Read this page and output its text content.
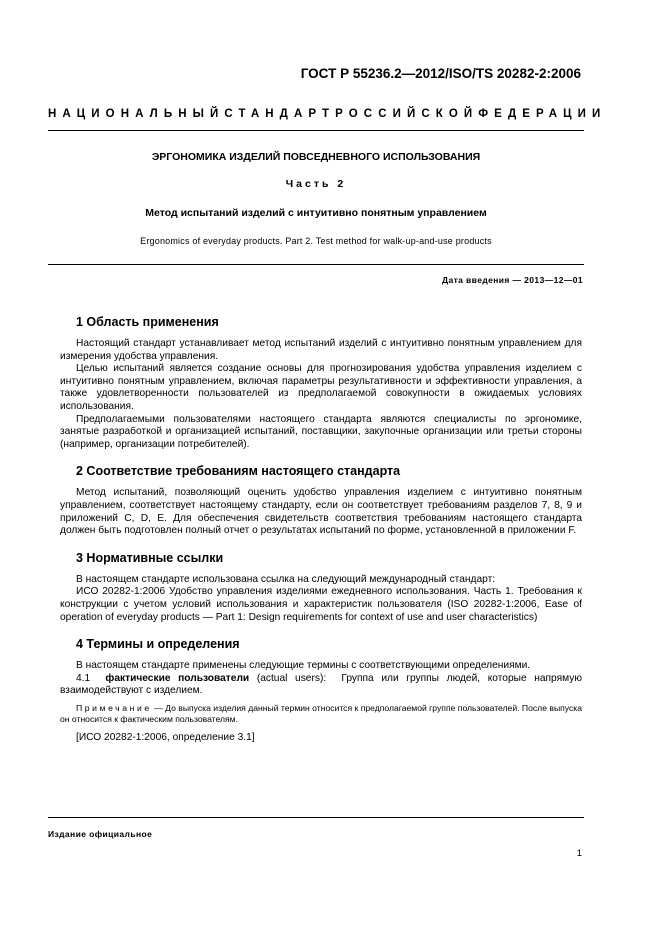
ГОСТ Р 55236.2—2012/ISO/TS 20282-2:2006
НАЦИОНАЛЬНЫЙ СТАНДАРТ РОССИЙСКОЙ ФЕДЕРАЦИИ
ЭРГОНОМИКА ИЗДЕЛИЙ ПОВСЕДНЕВНОГО ИСПОЛЬЗОВАНИЯ
Часть 2
Метод испытаний изделий с интуитивно понятным управлением
Ergonomics of everyday products. Part 2. Test method for walk-up-and-use products
Дата введения — 2013—12—01
1 Область применения

Настоящий стандарт устанавливает метод испытаний изделий с интуитивно понятным управлением для измерения удобства управления.

Целью испытаний является создание основы для прогнозирования удобства управления изделием с интуитивно понятным управлением, включая параметры результативности и эффективности управления, а также удовлетворенности пользователей из предполагаемой совокупности в ожидаемых условиях использования.

Предполагаемыми пользователями настоящего стандарта являются специалисты по эргономике, занятые разработкой и организацией испытаний, поставщики, закупочные организации или третьи стороны (например, организации потребителей).

2 Соответствие требованиям настоящего стандарта

Метод испытаний, позволяющий оценить удобство управления изделием с интуитивно понятным управлением, соответствует настоящему стандарту, если он соответствует требованиям разделов 7, 8, 9 и приложений C, D, E. Для обеспечения свидетельств соответствия требованиям настоящего стандарта должен быть подготовлен полный отчет о результатах испытаний по форме, установленной в приложении F.

3 Нормативные ссылки

В настоящем стандарте использована ссылка на следующий международный стандарт:

ИСО 20282-1:2006 Удобство управления изделиями ежедневного использования. Часть 1. Требования к конструкции с учетом условий использования и характеристик пользователя (ISO 20282-1:2006, Ease of operation of everyday products — Part 1: Design requirements for context of use and user characteristics)

4 Термины и определения

В настоящем стандарте применены следующие термины с соответствующими определениями.

4.1 фактические пользователи (actual users): Группа или группы людей, которые напрямую взаимодействуют с изделием.

Примечание — До выпуска изделия данный термин относится к предполагаемой группе пользователей. После выпуска он относится к фактическим пользователям.

[ИСО 20282-1:2006, определение 3.1]

Издание официальное
1
